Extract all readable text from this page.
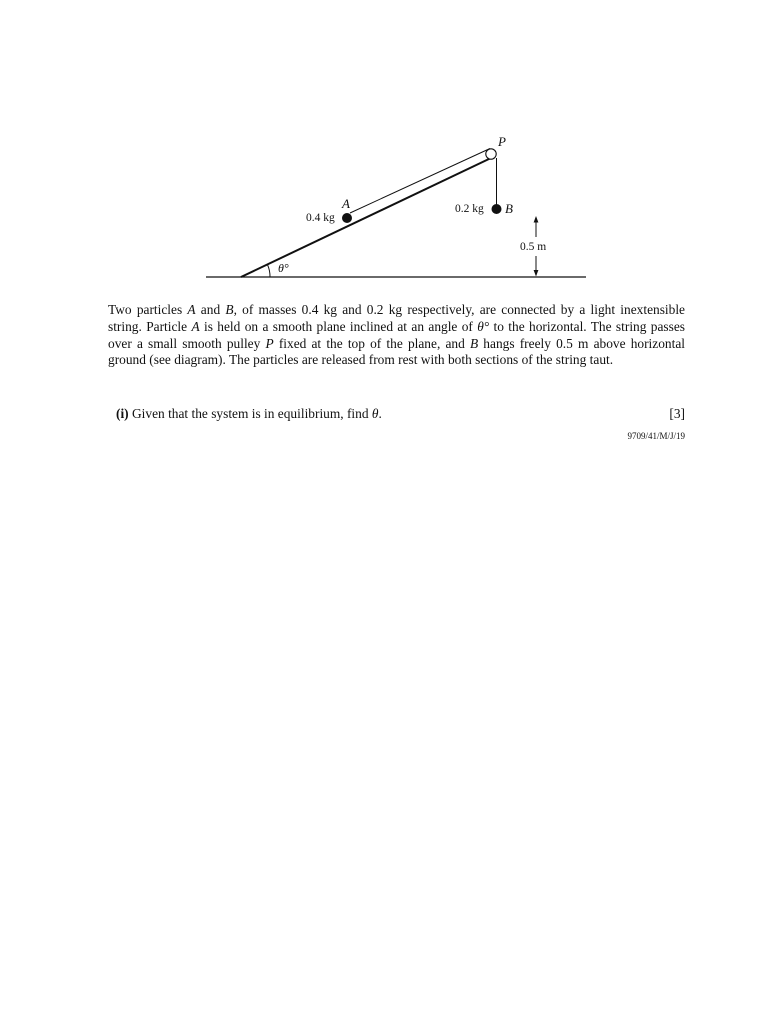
P
A
0.4 kg
0.2 kg B
0.5 m
θ°

Two particles A and B, of masses 0.4 kg and 0.2 kg respectively, are connected by a light inextensible string. Particle A is held on a smooth plane inclined at an angle of θ° to the horizontal. The string passes over a small smooth pulley P fixed at the top of the plane, and B hangs freely 0.5 m above horizontal ground (see diagram). The particles are released from rest with both sections of the string taut.

(i) Given that the system is in equilibrium, find θ.	[3]
9709/41/M/J/19
